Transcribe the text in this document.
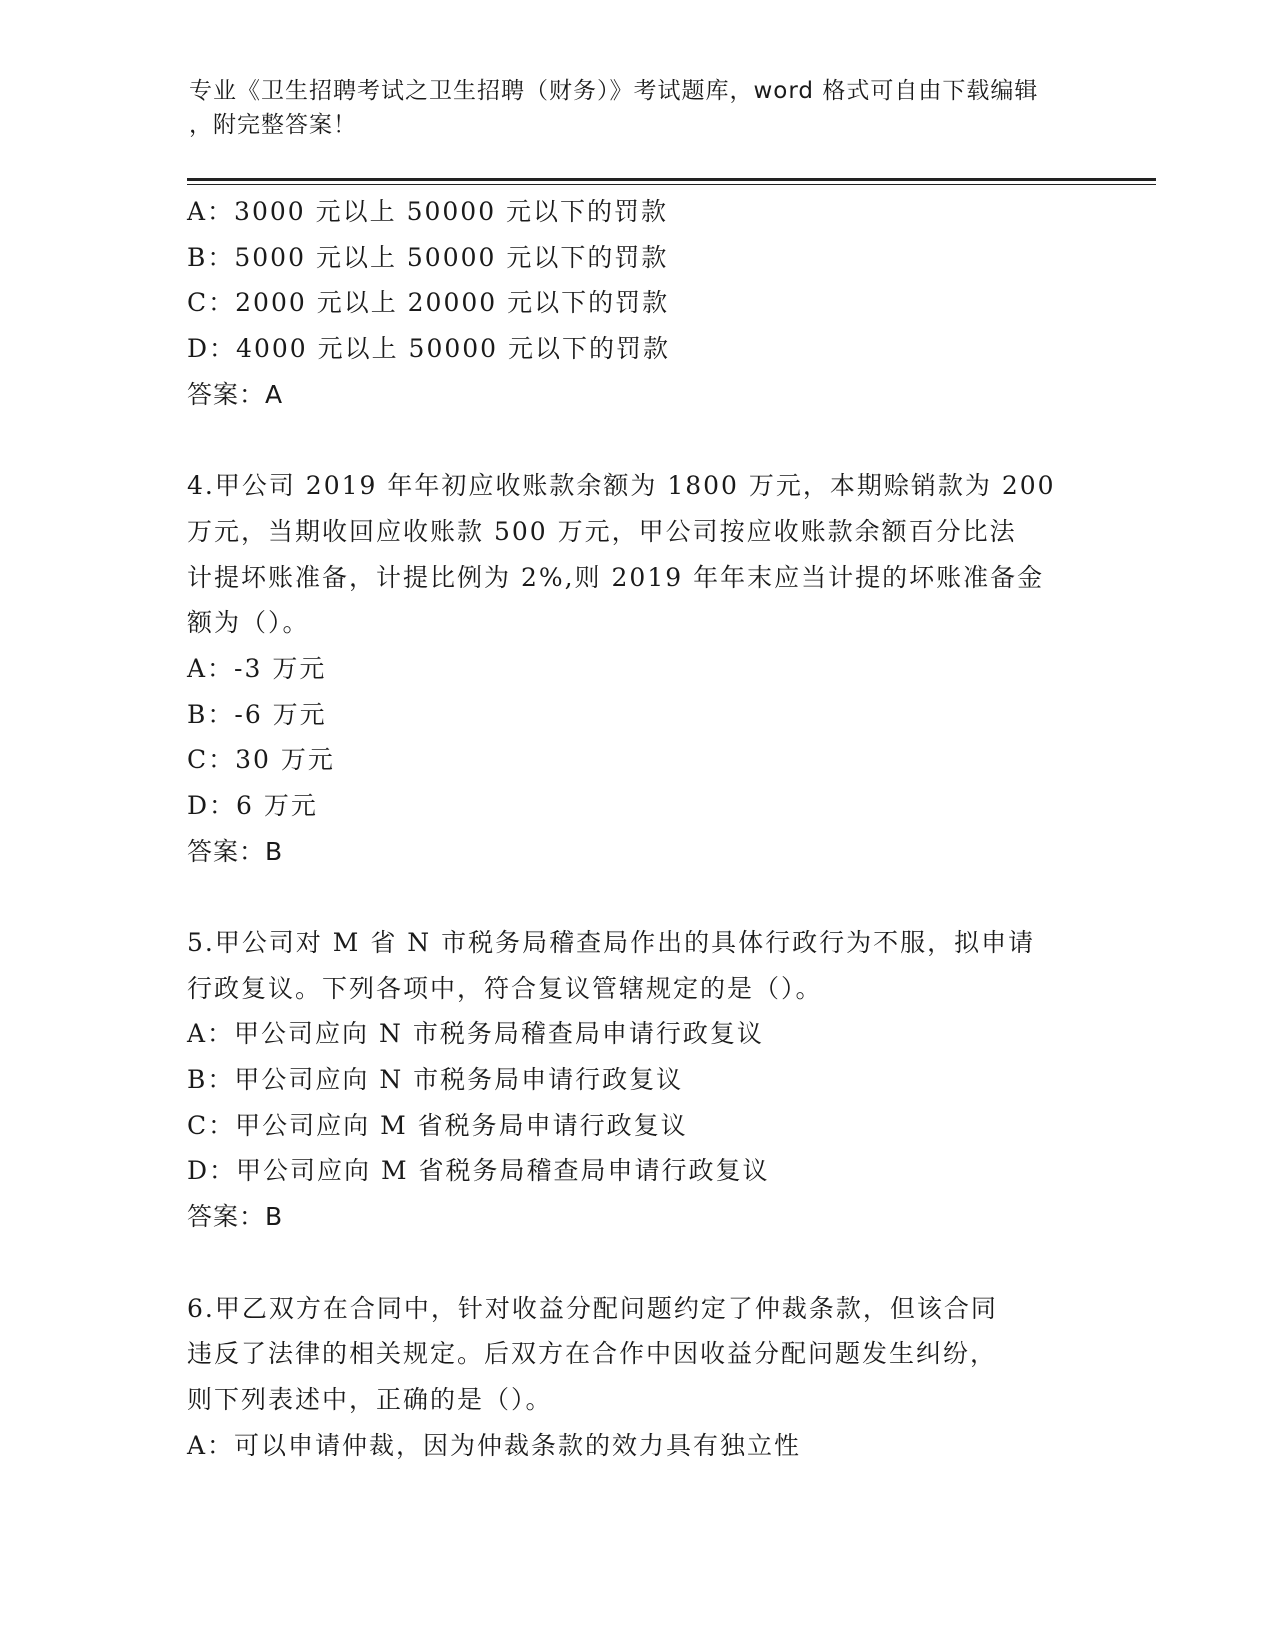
专业《卫生招聘考试之卫生招聘（财务）》考试题库，word 格式可自由下载编辑
，附完整答案！
A：3000 元以上 50000 元以下的罚款
B：5000 元以上 50000 元以下的罚款
C：2000 元以上 20000 元以下的罚款
D：4000 元以上 50000 元以下的罚款
答案：A
4.甲公司 2019 年年初应收账款余额为 1800 万元，本期赊销款为 200
万元，当期收回应收账款 500 万元，甲公司按应收账款余额百分比法
计提坏账准备，计提比例为 2%,则 2019 年年末应当计提的坏账准备金
额为（）。
A：-3 万元
B：-6 万元
C：30 万元
D：6 万元
答案：B
5.甲公司对 M 省 N 市税务局稽查局作出的具体行政行为不服，拟申请
行政复议。下列各项中，符合复议管辖规定的是（）。
A：甲公司应向 N 市税务局稽查局申请行政复议
B：甲公司应向 N 市税务局申请行政复议
C：甲公司应向 M 省税务局申请行政复议
D：甲公司应向 M 省税务局稽查局申请行政复议
答案：B
6.甲乙双方在合同中，针对收益分配问题约定了仲裁条款，但该合同
违反了法律的相关规定。后双方在合作中因收益分配问题发生纠纷，
则下列表述中，正确的是（）。
A：可以申请仲裁，因为仲裁条款的效力具有独立性
